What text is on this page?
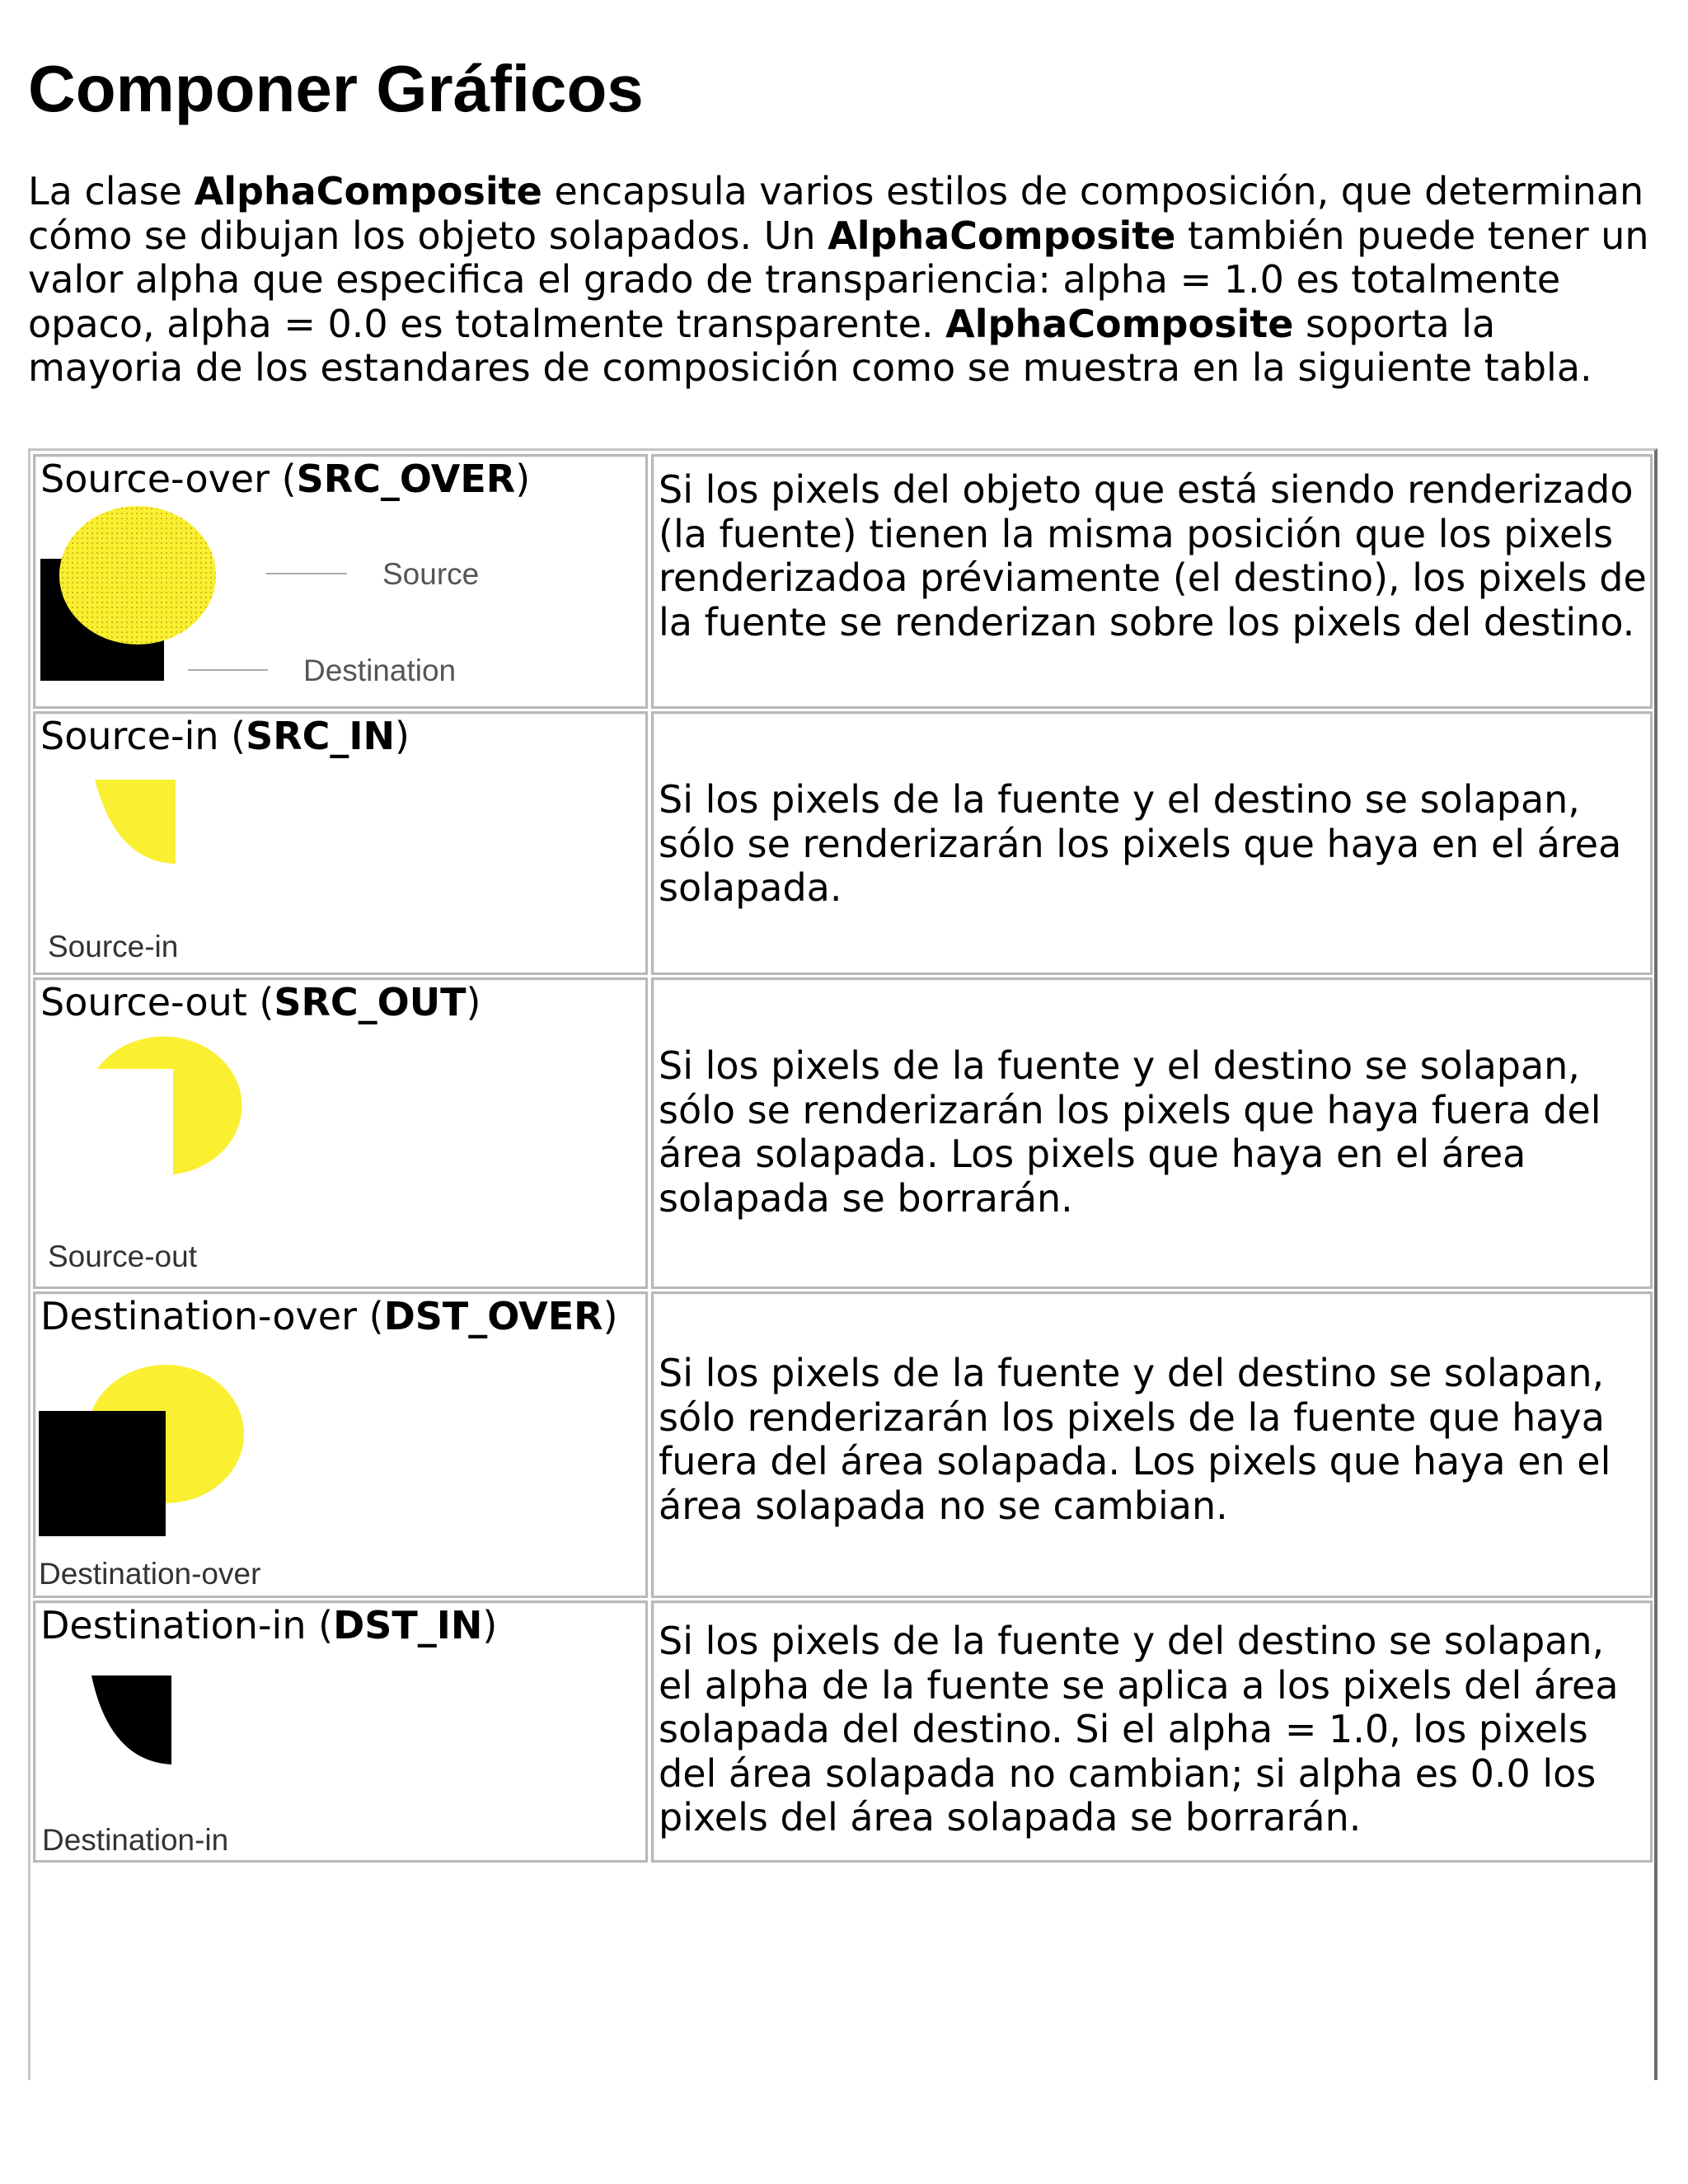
Componer Gráficos

La clase AlphaComposite encapsula varios estilos de composición, que determinan cómo se dibujan los objeto solapados. Un AlphaComposite también puede tener un valor alpha que especifica el grado de transpariencia: alpha = 1.0 es totalmente opaco, alpha = 0.0 es totalmente transparente. AlphaComposite soporta la mayoria de los estandares de composición como se muestra en la siguiente tabla.

Source-over (SRC_OVER)
Source
Destination
Si los pixels del objeto que está siendo renderizado (la fuente) tienen la misma posición que los pixels renderizadoa préviamente (el destino), los pixels de la fuente se renderizan sobre los pixels del destino.
Source-in (SRC_IN)
Source-in
Si los pixels de la fuente y el destino se solapan, sólo se renderizarán los pixels que haya en el área solapada.
Source-out (SRC_OUT)
Source-out
Si los pixels de la fuente y el destino se solapan, sólo se renderizarán los pixels que haya fuera del área solapada. Los pixels que haya en el área solapada se borrarán.
Destination-over (DST_OVER)
Destination-over
Si los pixels de la fuente y del destino se solapan, sólo renderizarán los pixels de la fuente que haya fuera del área solapada. Los pixels que haya en el área solapada no se cambian.
Destination-in (DST_IN)
Destination-in
Si los pixels de la fuente y del destino se solapan, el alpha de la fuente se aplica a los pixels del área solapada del destino. Si el alpha = 1.0, los pixels del área solapada no cambian; si alpha es 0.0 los pixels del área solapada se borrarán.
